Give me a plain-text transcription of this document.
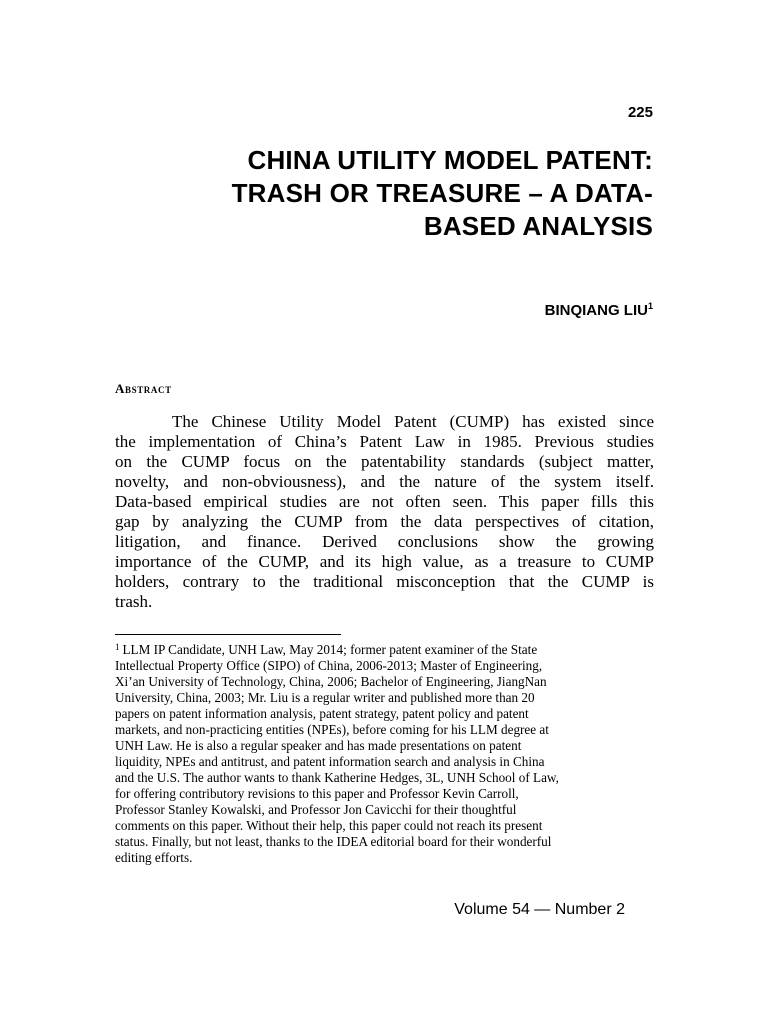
225
CHINA UTILITY MODEL PATENT:
TRASH OR TREASURE – A DATA-
BASED ANALYSIS
BINQIANG LIU$^1$
Abstract
The Chinese Utility Model Patent (CUMP) has existed since
the implementation of China’s Patent Law in 1985. Previous studies
on the CUMP focus on the patentability standards (subject matter,
novelty, and non-obviousness), and the nature of the system itself.
Data-based empirical studies are not often seen. This paper fills this
gap by analyzing the CUMP from the data perspectives of citation,
litigation, and finance. Derived conclusions show the growing
importance of the CUMP, and its high value, as a treasure to CUMP
holders, contrary to the traditional misconception that the CUMP is
trash.
$^1$ LLM IP Candidate, UNH Law, May 2014; former patent examiner of the State
Intellectual Property Office (SIPO) of China, 2006-2013; Master of Engineering,
Xi’an University of Technology, China, 2006; Bachelor of Engineering, JiangNan
University, China, 2003; Mr. Liu is a regular writer and published more than 20
papers on patent information analysis, patent strategy, patent policy and patent
markets, and non-practicing entities (NPEs), before coming for his LLM degree at
UNH Law. He is also a regular speaker and has made presentations on patent
liquidity, NPEs and antitrust, and patent information search and analysis in China
and the U.S. The author wants to thank Katherine Hedges, 3L, UNH School of Law,
for offering contributory revisions to this paper and Professor Kevin Carroll,
Professor Stanley Kowalski, and Professor Jon Cavicchi for their thoughtful
comments on this paper. Without their help, this paper could not reach its present
status. Finally, but not least, thanks to the IDEA editorial board for their wonderful
editing efforts.
Volume 54 — Number 2
